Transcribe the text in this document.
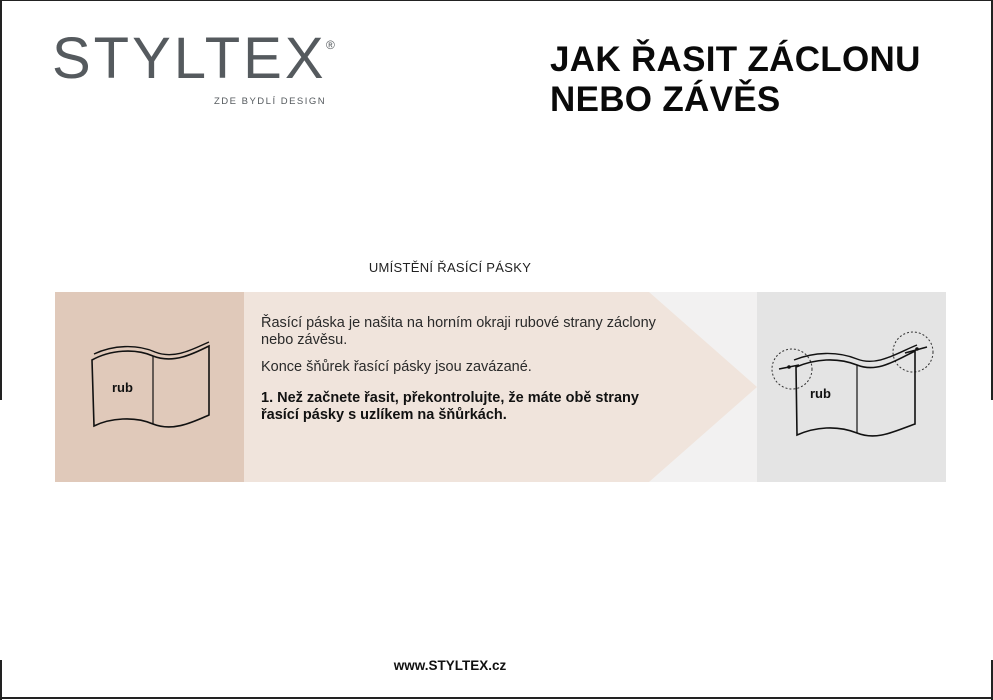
STYLTEX ®
ZDE BYDLÍ DESIGN
JAK ŘASIT ZÁCLONU
NEBO ZÁVĚS
UMÍSTĚNÍ ŘASÍCÍ PÁSKY
rub	rub

Řasící páska je našita na horním okraji rubové strany záclony nebo závěsu.

Konce šňůrek řasící pásky jsou zavázané.

1. Než začnete řasit, překontrolujte, že máte obě strany řasící pásky s uzlíkem na šňůrkách.

www.STYLTEX.cz
